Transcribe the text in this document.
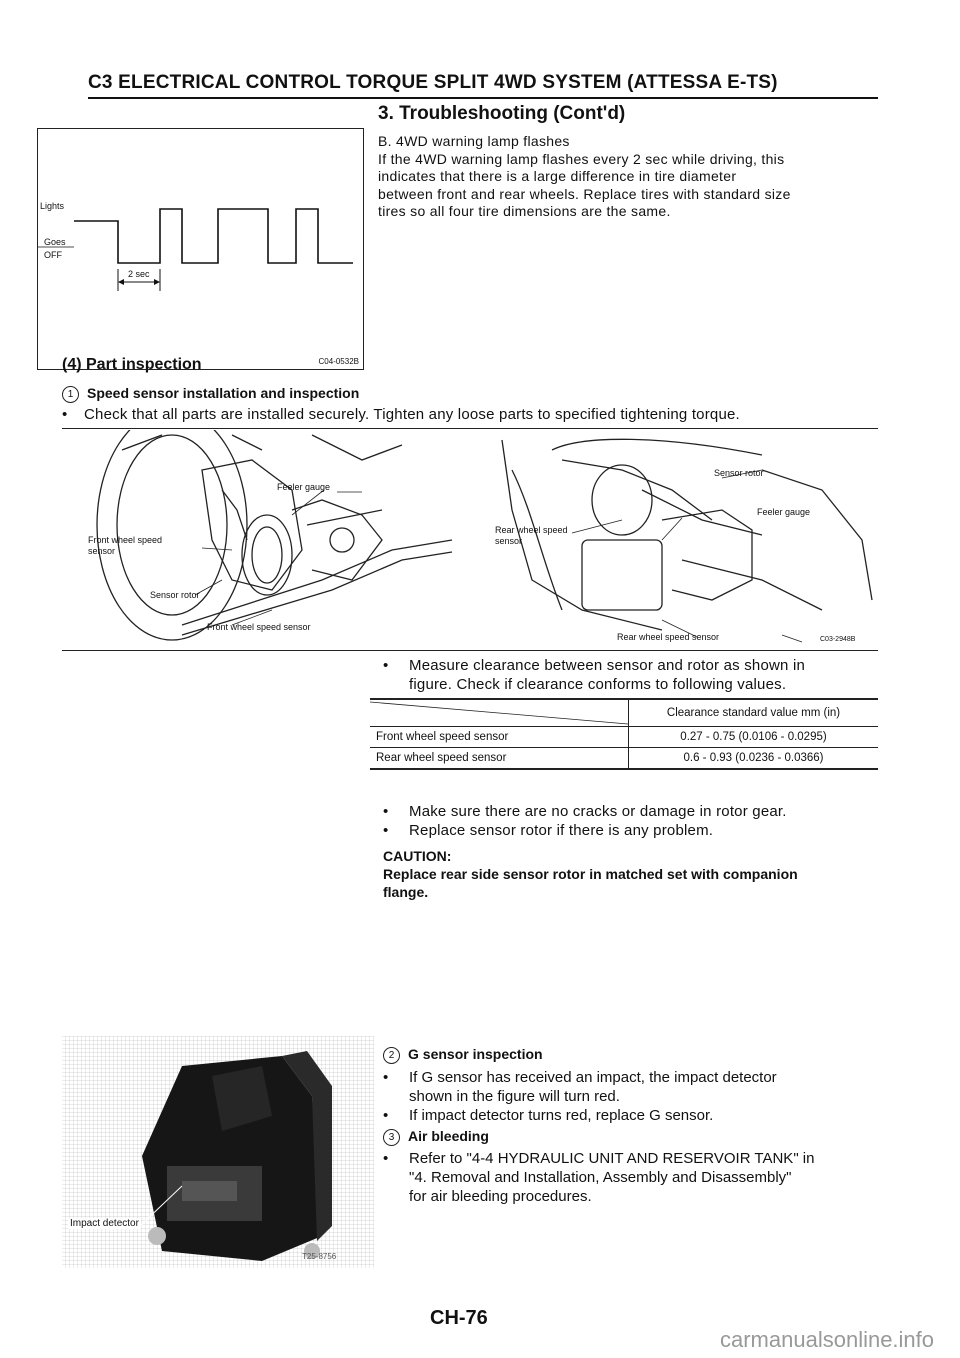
C3 ELECTRICAL CONTROL TORQUE SPLIT 4WD SYSTEM (ATTESSA E-TS)
Lights
Goes
OFF
2 sec
C04-0532B
3. Troubleshooting (Cont'd)
B. 4WD warning lamp flashes
If the 4WD warning lamp flashes every 2 sec while driving, this
indicates that there is a large difference in tire diameter
between front and rear wheels. Replace tires with standard size
tires so all four tire dimensions are the same.
(4) Part inspection
1 Speed sensor installation and inspection
• Check that all parts are installed securely. Tighten any loose parts to specified tightening torque.
Feeler gauge
Front wheel speed
sensor
Sensor rotor
Front wheel speed sensor
Sensor rotor
Feeler gauge
Rear wheel speed
sensor
Rear wheel speed sensor	C03-2948B
• Measure clearance between sensor and rotor as shown in
figure. Check if clearance conforms to following values.
	Clearance standard value mm (in)
Front wheel speed sensor	0.27 - 0.75 (0.0106 - 0.0295)
Rear wheel speed sensor	0.6 - 0.93 (0.0236 - 0.0366)
• Make sure there are no cracks or damage in rotor gear.
• Replace sensor rotor if there is any problem.
CAUTION:
Replace rear side sensor rotor in matched set with companion
flange.
Impact detector
T25-8756
2 G sensor inspection
• If G sensor has received an impact, the impact detector
shown in the figure will turn red.
• If impact detector turns red, replace G sensor.
3 Air bleeding
• Refer to "4-4 HYDRAULIC UNIT AND RESERVOIR TANK" in
"4. Removal and Installation, Assembly and Disassembly"
for air bleeding procedures.
CH-76
carmanualsonline.info
